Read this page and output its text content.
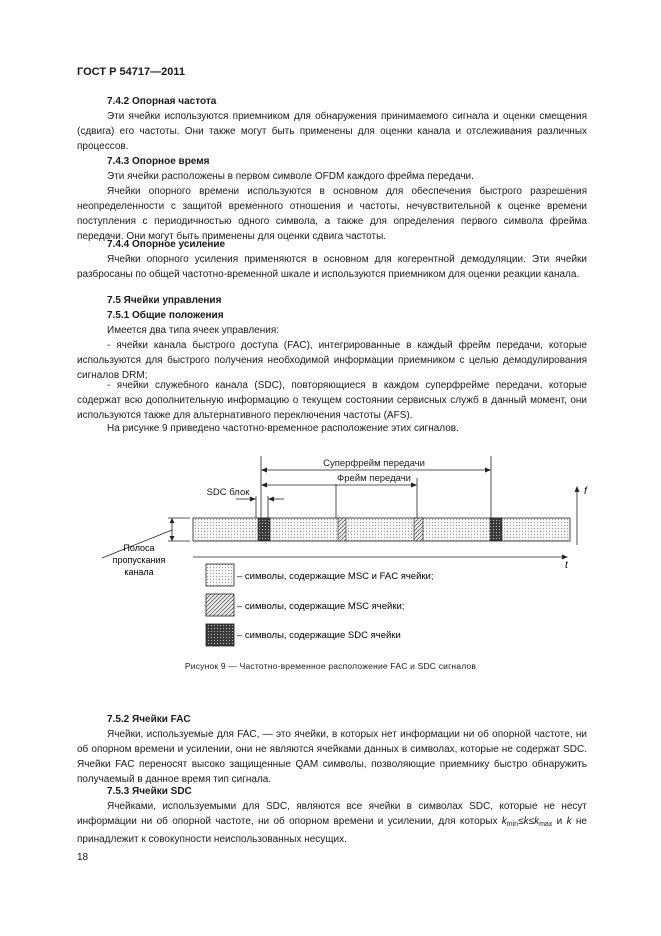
ГОСТ Р 54717—2011
7.4.2 Опорная частота
Эти ячейки используются приемником для обнаружения принимаемого сигнала и оценки смещения (сдвига) его частоты. Они также могут быть применены для оценки канала и отслеживания различных процессов.
7.4.3 Опорное время
Эти ячейки расположены в первом символе OFDM каждого фрейма передачи.
Ячейки опорного времени используются в основном для обеспечения быстрого разрешения неопределенности с защитой временного отношения и частоты, нечувствительной к оценке времени поступления с периодичностью одного символа, а также для определения первого символа фрейма передачи. Они могут быть применены для оценки сдвига частоты.
7.4.4 Опорное усиление
Ячейки опорного усиления применяются в основном для когерентной демодуляции. Эти ячейки разбросаны по общей частотно-временной шкале и используются приемником для оценки реакции канала.
7.5 Ячейки управления
7.5.1 Общие положения
Имеется два типа ячеек управления:
- ячейки канала быстрого доступа (FAC), интегрированные в каждый фрейм передачи, которые используются для быстрого получения необходимой информации приемником с целью демодулирования сигналов DRM;
- ячейки служебного канала (SDC), повторяющиеся в каждом суперфрейме передачи, которые содержат всю дополнительную информацию о текущем состоянии сервисных служб в данный момент, они используются также для альтернативного переключения частоты (AFS).
На рисунке 9 приведено частотно-временное расположение этих сигналов.
Суперфрейм передачи
Фрейм передачи
SDC блок
Полоса
пропускания
канала
f
t
– символы, содержащие MSC и FAC ячейки;
– символы, содержащие MSC ячейки;
– символы, содержащие SDC ячейки
Рисунок 9 — Частотно-временное расположение FAC и SDC сигналов
7.5.2 Ячейки FAC
Ячейки, используемые для FAC, — это ячейки, в которых нет информации ни об опорной частоте, ни об опорном времени и усилении, они не являются ячейками данных в символах, которые не содержат SDC. Ячейки FAC переносят высоко защищенные QAM символы, позволяющие приемнику быстро обнаружить получаемый в данное время тип сигнала.
7.5.3 Ячейки SDC
Ячейками, используемыми для SDC, являются все ячейки в символах SDC, которые не несут информации ни об опорной частоте, ни об опорном времени и усилении, для которых $k_{min}\le k\le k_{max}$ и k не принадлежит к совокупности неиспользованных несущих.
18
